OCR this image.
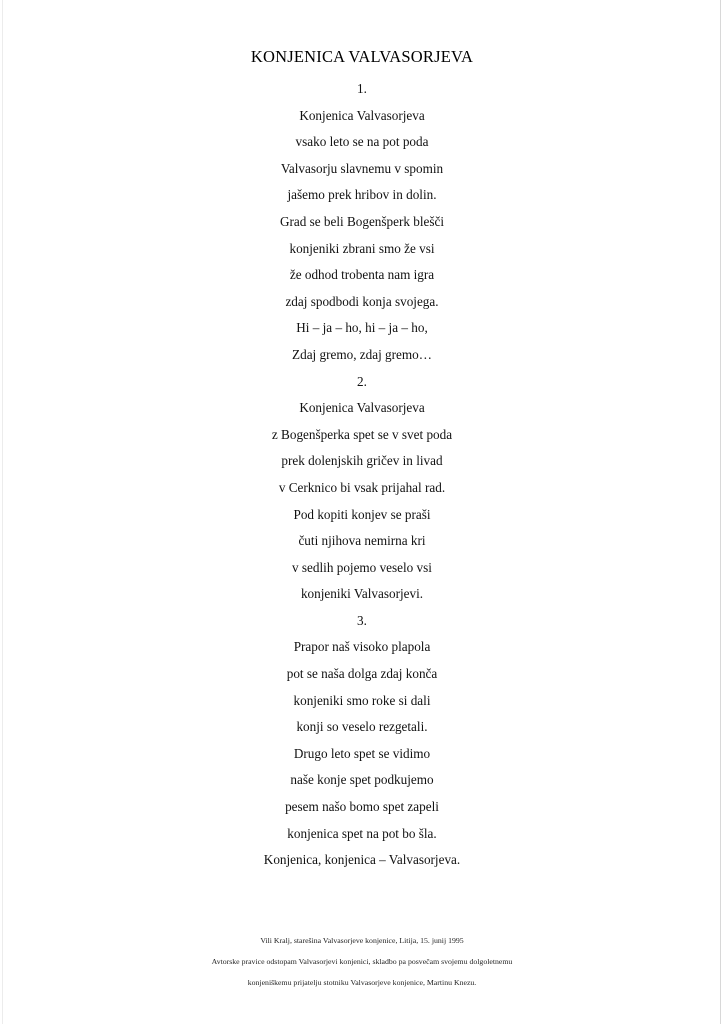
KONJENICA VALVASORJEVA
1.
Konjenica Valvasorjeva
vsako leto se na pot poda
Valvasorju slavnemu v spomin
jašemo prek hribov in dolin.
Grad se beli Bogenšperk blešči
konjeniki zbrani smo že vsi
že odhod trobenta nam igra
zdaj spodbodi konja svojega.
Hi – ja – ho, hi – ja – ho,
Zdaj gremo, zdaj gremo…
2.
Konjenica Valvasorjeva
z Bogenšperka spet se v svet poda
prek dolenjskih gričev in livad
v Cerknico bi vsak prijahal rad.
Pod kopiti konjev se praši
čuti njihova nemirna kri
v sedlih pojemo veselo vsi
konjeniki Valvasorjevi.
3.
Prapor naš visoko plapola
pot se naša dolga zdaj konča
konjeniki smo roke si dali
konji so veselo rezgetali.
Drugo leto spet se vidimo
naše konje spet podkujemo
pesem našo bomo spet zapeli
konjenica spet na pot bo šla.
Konjenica, konjenica – Valvasorjeva.
Vili Kralj, starešina Valvasorjeve konjenice, Litija, 15. junij 1995
Avtorske pravice odstopam Valvasorjevi konjenici, skladbo pa posvečam svojemu dolgoletnemu
konjeniškemu prijatelju stotniku Valvasorjeve konjenice, Martinu Knezu.
